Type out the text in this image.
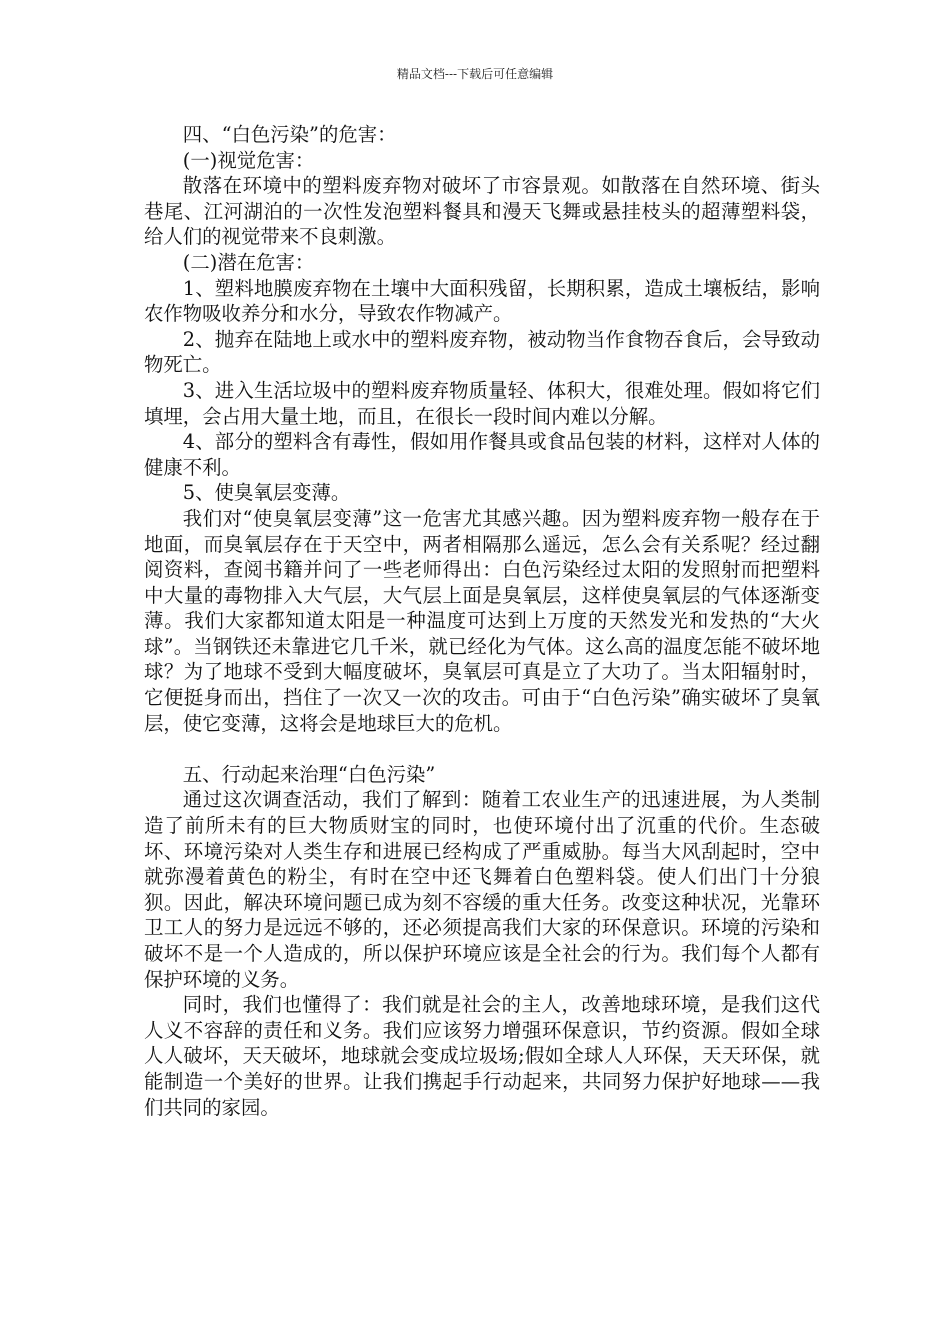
精品文档---下载后可任意编辑

四、“白色污染”的危害：

(一)视觉危害：

散落在环境中的塑料废弃物对破坏了市容景观。如散落在自然环境、街头巷尾、江河湖泊的一次性发泡塑料餐具和漫天飞舞或悬挂枝头的超薄塑料袋，给人们的视觉带来不良刺激。

(二)潜在危害：

1、塑料地膜废弃物在土壤中大面积残留，长期积累，造成土壤板结，影响农作物吸收养分和水分，导致农作物减产。

2、抛弃在陆地上或水中的塑料废弃物，被动物当作食物吞食后，会导致动物死亡。

3、进入生活垃圾中的塑料废弃物质量轻、体积大，很难处理。假如将它们填埋，会占用大量土地，而且，在很长一段时间内难以分解。

4、部分的塑料含有毒性，假如用作餐具或食品包装的材料，这样对人体的健康不利。

5、使臭氧层变薄。

我们对“使臭氧层变薄”这一危害尤其感兴趣。因为塑料废弃物一般存在于地面，而臭氧层存在于天空中，两者相隔那么遥远，怎么会有关系呢？经过翻阅资料，查阅书籍并问了一些老师得出：白色污染经过太阳的发照射而把塑料中大量的毒物排入大气层，大气层上面是臭氧层，这样使臭氧层的气体逐渐变薄。我们大家都知道太阳是一种温度可达到上万度的天然发光和发热的“大火球”。当钢铁还未靠进它几千米，就已经化为气体。这么高的温度怎能不破坏地球？为了地球不受到大幅度破坏，臭氧层可真是立了大功了。当太阳辐射时，它便挺身而出，挡住了一次又一次的攻击。可由于“白色污染”确实破坏了臭氧层，使它变薄，这将会是地球巨大的危机。

五、行动起来治理“白色污染”

通过这次调查活动，我们了解到：随着工农业生产的迅速进展，为人类制造了前所未有的巨大物质财宝的同时，也使环境付出了沉重的代价。生态破坏、环境污染对人类生存和进展已经构成了严重威胁。每当大风刮起时，空中就弥漫着黄色的粉尘，有时在空中还飞舞着白色塑料袋。使人们出门十分狼狈。因此，解决环境问题已成为刻不容缓的重大任务。改变这种状况，光靠环卫工人的努力是远远不够的，还必须提高我们大家的环保意识。环境的污染和破坏不是一个人造成的，所以保护环境应该是全社会的行为。我们每个人都有保护环境的义务。

同时，我们也懂得了：我们就是社会的主人，改善地球环境，是我们这代人义不容辞的责任和义务。我们应该努力增强环保意识，节约资源。假如全球人人破坏，天天破坏，地球就会变成垃圾场;假如全球人人环保，天天环保，就能制造一个美好的世界。让我们携起手行动起来，共同努力保护好地球——我们共同的家园。
